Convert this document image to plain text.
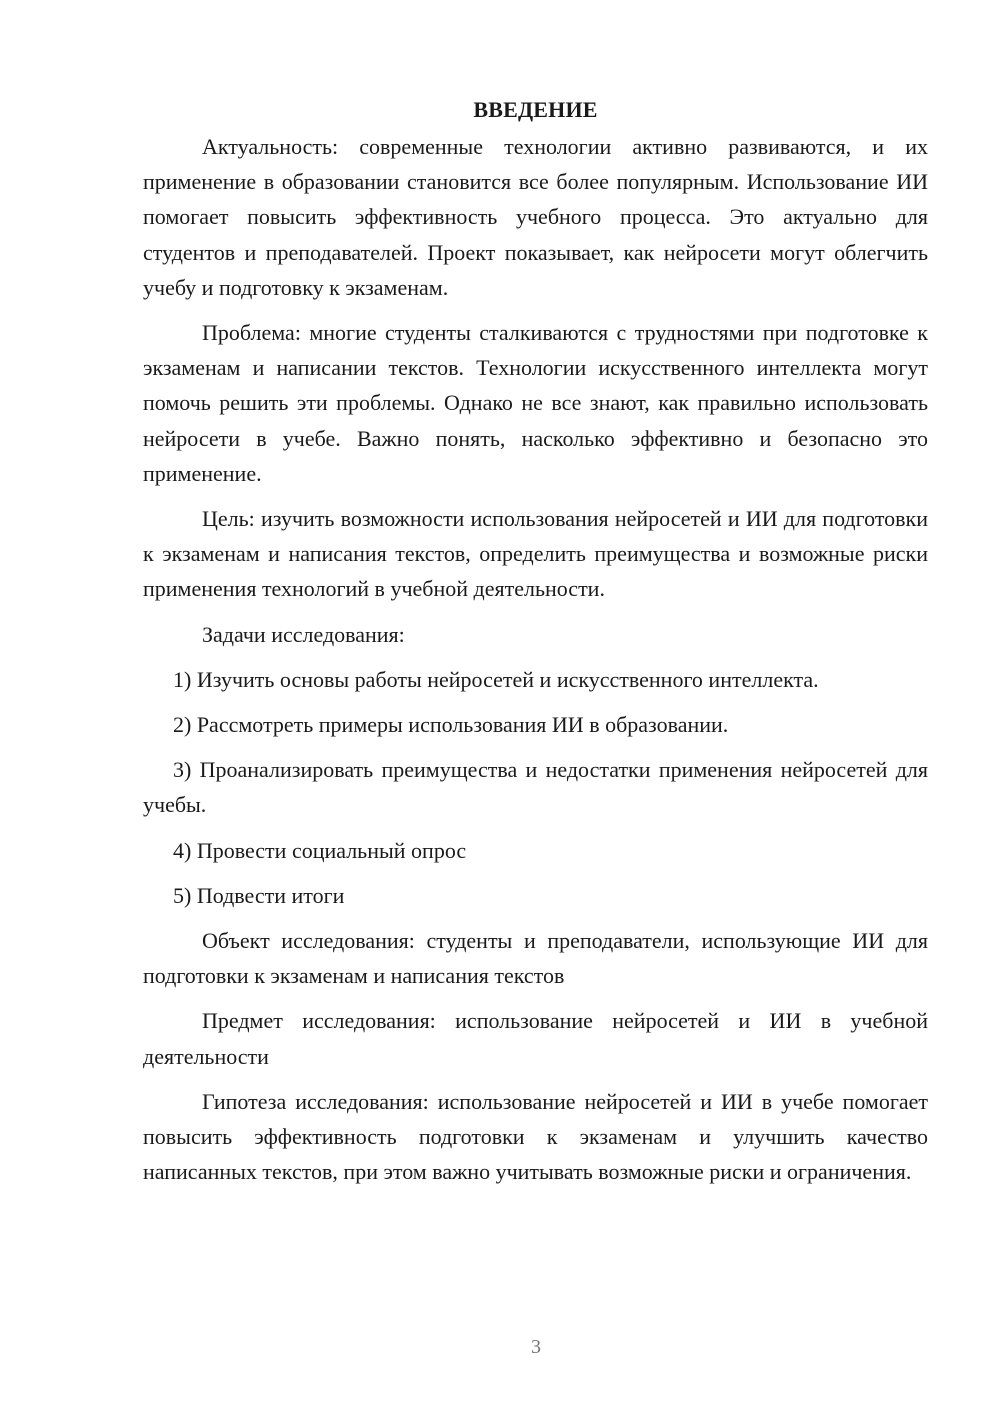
ВВЕДЕНИЕ

Актуальность: современные технологии активно развиваются, и их применение в образовании становится все более популярным. Использование ИИ помогает повысить эффективность учебного процесса. Это актуально для студентов и преподавателей. Проект показывает, как нейросети могут облегчить учебу и подготовку к экзаменам.

Проблема: многие студенты сталкиваются с трудностями при подготовке к экзаменам и написании текстов. Технологии искусственного интеллекта могут помочь решить эти проблемы. Однако не все знают, как правильно использовать нейросети в учебе. Важно понять, насколько эффективно и безопасно это применение.

Цель: изучить возможности использования нейросетей и ИИ для подготовки к экзаменам и написания текстов, определить преимущества и возможные риски применения технологий в учебной деятельности.

Задачи исследования:

1) Изучить основы работы нейросетей и искусственного интеллекта.

2) Рассмотреть примеры использования ИИ в образовании.

3) Проанализировать преимущества и недостатки применения нейросетей для учебы.

4) Провести социальный опрос

5) Подвести итоги

Объект исследования: студенты и преподаватели, использующие ИИ для подготовки к экзаменам и написания текстов

Предмет исследования: использование нейросетей и ИИ в учебной деятельности

Гипотеза исследования: использование нейросетей и ИИ в учебе помогает повысить эффективность подготовки к экзаменам и улучшить качество написанных текстов, при этом важно учитывать возможные риски и ограничения.

3
